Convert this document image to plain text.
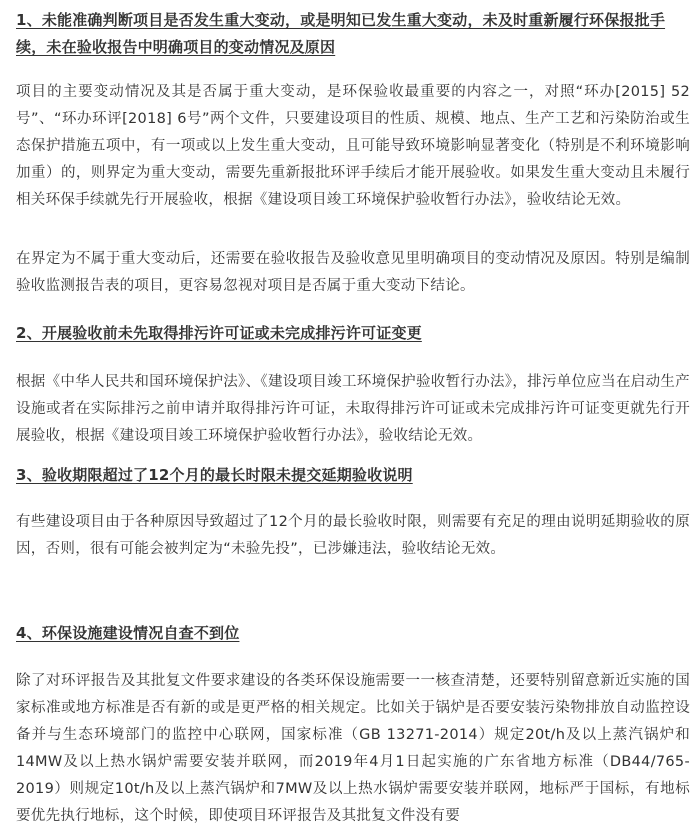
1、未能准确判断项目是否发生重大变动，或是明知已发生重大变动，未及时重新履行环保报批手续，未在验收报告中明确项目的变动情况及原因

项目的主要变动情况及其是否属于重大变动，是环保验收最重要的内容之一，对照“环办[2015] 52号”、“环办环评[2018] 6号”两个文件，只要建设项目的性质、规模、地点、生产工艺和污染防治或生态保护措施五项中，有一项或以上发生重大变动，且可能导致环境影响显著变化（特别是不利环境影响加重）的，则界定为重大变动，需要先重新报批环评手续后才能开展验收。如果发生重大变动且未履行相关环保手续就先行开展验收，根据《建设项目竣工环境保护验收暂行办法》，验收结论无效。

在界定为不属于重大变动后，还需要在验收报告及验收意见里明确项目的变动情况及原因。特别是编制验收监测报告表的项目，更容易忽视对项目是否属于重大变动下结论。

2、开展验收前未先取得排污许可证或未完成排污许可证变更

根据《中华人民共和国环境保护法》、《建设项目竣工环境保护验收暂行办法》，排污单位应当在启动生产设施或者在实际排污之前申请并取得排污许可证，未取得排污许可证或未完成排污许可证变更就先行开展验收，根据《建设项目竣工环境保护验收暂行办法》，验收结论无效。

3、验收期限超过了12个月的最长时限未提交延期验收说明

有些建设项目由于各种原因导致超过了12个月的最长验收时限，则需要有充足的理由说明延期验收的原因，否则，很有可能会被判定为“未验先投”，已涉嫌违法，验收结论无效。

4、环保设施建设情况自查不到位

除了对环评报告及其批复文件要求建设的各类环保设施需要一一核查清楚，还要特别留意新近实施的国家标准或地方标准是否有新的或是更严格的相关规定。比如关于锅炉是否要安装污染物排放自动监控设备并与生态环境部门的监控中心联网，国家标准（GB 13271-2014）规定20t/h及以上蒸汽锅炉和14MW及以上热水锅炉需要安装并联网，而2019年4月1日起实施的广东省地方标准（DB44/765-2019）则规定10t/h及以上蒸汽锅炉和7MW及以上热水锅炉需要安装并联网，地标严于国标，有地标要优先执行地标，这个时候，即使项目环评报告及其批复文件没有要
